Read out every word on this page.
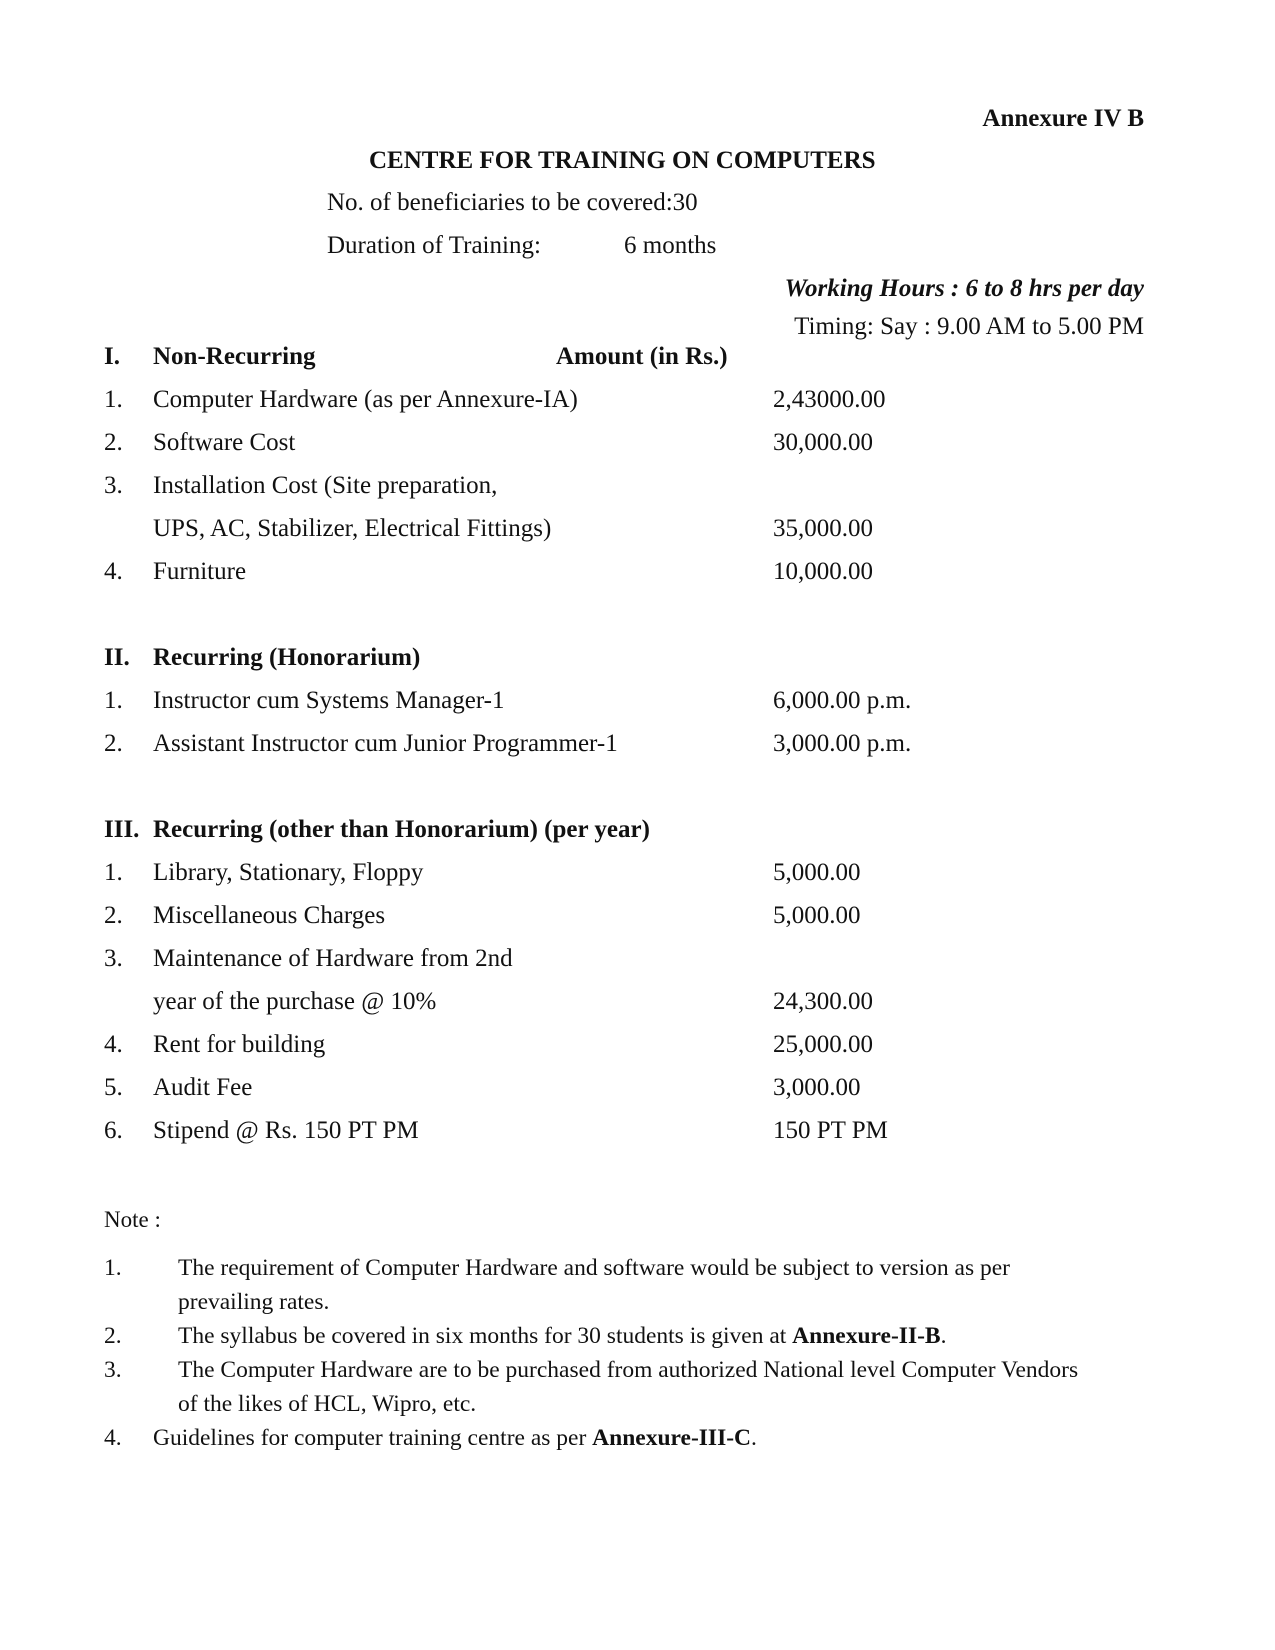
Annexure IV B
CENTRE FOR TRAINING ON COMPUTERS
No. of beneficiaries to be covered:30
Duration of Training:	6 months
Working Hours : 6 to 8 hrs per day
Timing: Say : 9.00 AM to 5.00 PM
I. Non-Recurring	Amount (in Rs.)
1. Computer Hardware (as per Annexure-IA)	2,43000.00
2. Software Cost	30,000.00
3. Installation Cost (Site preparation,
UPS, AC, Stabilizer, Electrical Fittings)	35,000.00
4. Furniture	10,000.00
II. Recurring (Honorarium)
1. Instructor cum Systems Manager-1	6,000.00 p.m.
2. Assistant Instructor cum Junior Programmer-1	3,000.00 p.m.
III. Recurring (other than Honorarium) (per year)
1. Library, Stationary, Floppy	5,000.00
2. Miscellaneous Charges	5,000.00
3. Maintenance of Hardware from 2nd
year of the purchase @ 10%	24,300.00
4. Rent for building	25,000.00
5. Audit Fee	3,000.00
6. Stipend @ Rs. 150 PT PM	150 PT PM
Note :
1. The requirement of Computer Hardware and software would be subject to version as per prevailing rates.
2. The syllabus be covered in six months for 30 students is given at Annexure-II-B.
3. The Computer Hardware are to be purchased from authorized National level Computer Vendors of the likes of HCL, Wipro, etc.
4. Guidelines for computer training centre as per Annexure-III-C.
